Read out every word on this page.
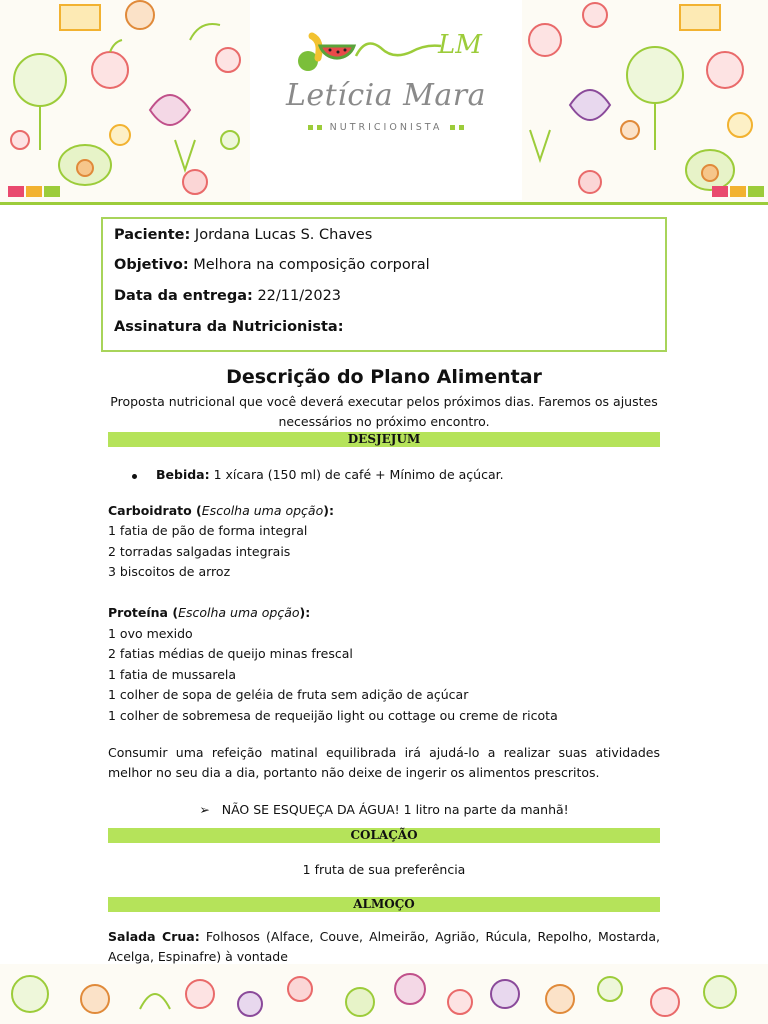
LM
Letícia Mara
NUTRICIONISTA
Paciente: Jordana Lucas S. Chaves
Objetivo: Melhora na composição corporal
Data da entrega: 22/11/2023
Assinatura da Nutricionista:
Descrição do Plano Alimentar
Proposta nutricional que você deverá executar pelos próximos dias. Faremos os ajustes necessários no próximo encontro.
DESJEJUM
Bebida: 1 xícara (150 ml) de café + Mínimo de açúcar.
Carboidrato (Escolha uma opção):
1 fatia de pão de forma integral
2 torradas salgadas integrais
3 biscoitos de arroz
Proteína (Escolha uma opção):
1 ovo mexido
2 fatias médias de queijo minas frescal
1 fatia de mussarela
1 colher de sopa de geléia de fruta sem adição de açúcar
1 colher de sobremesa de requeijão light ou cottage ou creme de ricota
Consumir uma refeição matinal equilibrada irá ajudá-lo a realizar suas atividades melhor no seu dia a dia, portanto não deixe de ingerir os alimentos prescritos.
➢ NÃO SE ESQUEÇA DA ÁGUA! 1 litro na parte da manhã!
COLAÇÃO
1 fruta de sua preferência
ALMOÇO
Salada Crua: Folhosos (Alface, Couve, Almeirão, Agrião, Rúcula, Repolho, Mostarda, Acelga, Espinafre) à vontade
